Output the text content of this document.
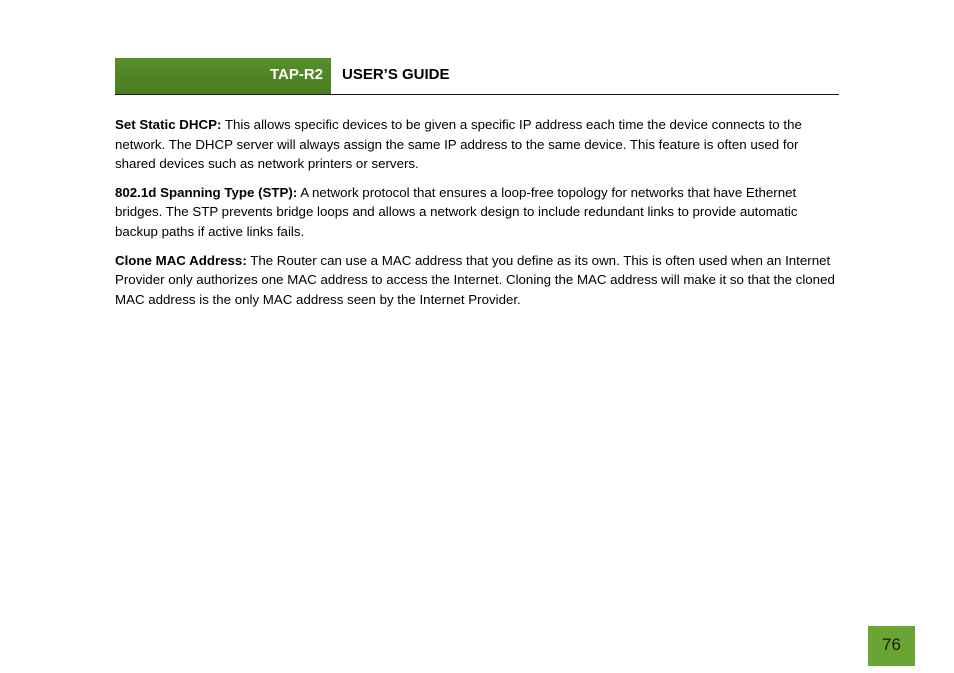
TAP-R2	USER’S GUIDE

Set Static DHCP: This allows specific devices to be given a specific IP address each time the device connects to the network. The DHCP server will always assign the same IP address to the same device. This feature is often used for shared devices such as network printers or servers.

802.1d Spanning Type (STP): A network protocol that ensures a loop-free topology for networks that have Ethernet bridges. The STP prevents bridge loops and allows a network design to include redundant links to provide automatic backup paths if active links fails.

Clone MAC Address: The Router can use a MAC address that you define as its own. This is often used when an Internet Provider only authorizes one MAC address to access the Internet. Cloning the MAC address will make it so that the cloned MAC address is the only MAC address seen by the Internet Provider.

76
